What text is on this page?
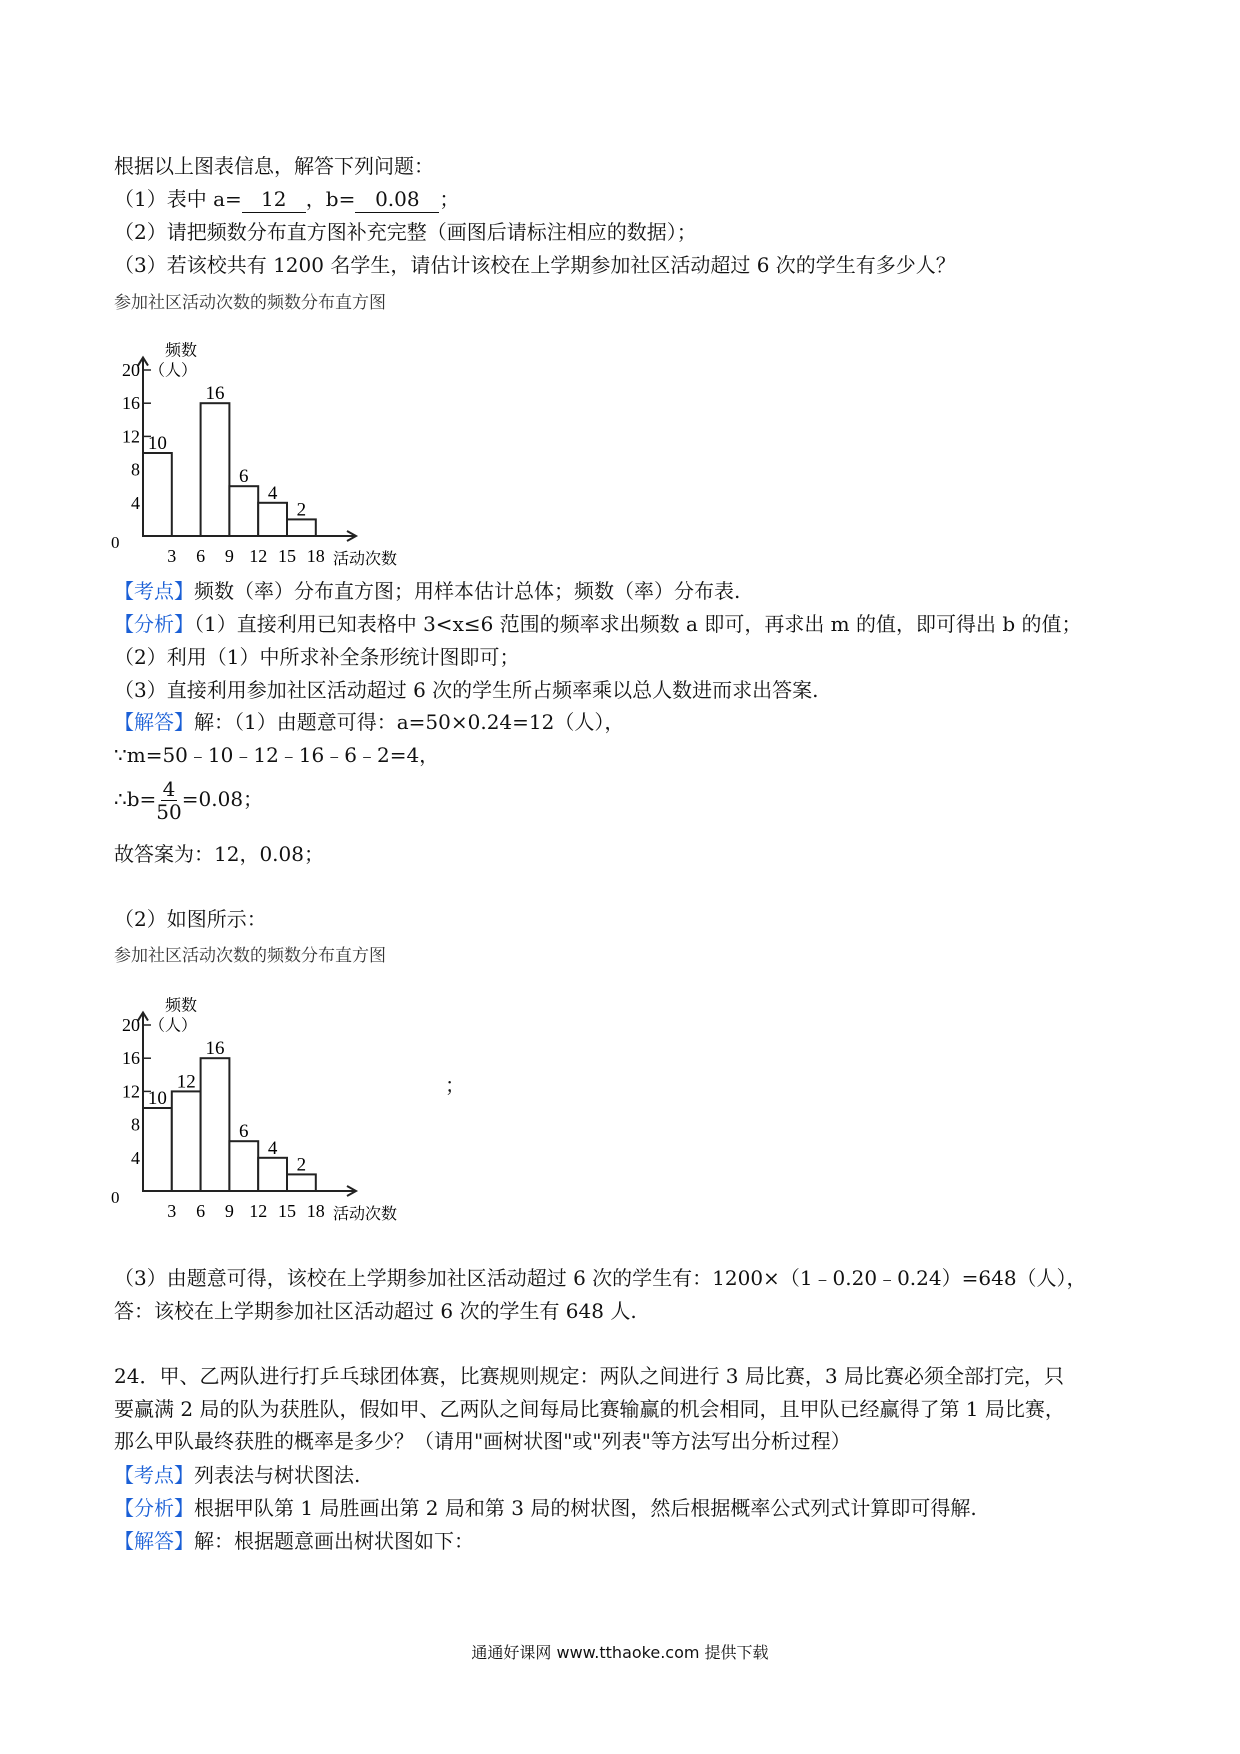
根据以上图表信息，解答下列问题：
（1）表中 a= 12 ，b= 0.08 ；
（2）请把频数分布直方图补充完整（画图后请标注相应的数据）；
（3）若该校共有 1200 名学生，请估计该校在上学期参加社区活动超过 6 次的学生有多少人？
参加社区活动次数的频数分布直方图
频数
（人）
活动次数
0
4
8
12
16
20
3 6 9 12 15 18
10
16
6
4
2
【考点】频数（率）分布直方图；用样本估计总体；频数（率）分布表.
【分析】（1）直接利用已知表格中 3<x≤6 范围的频率求出频数 a 即可，再求出 m 的值，即可得出 b 的值；
（2）利用（1）中所求补全条形统计图即可；
（3）直接利用参加社区活动超过 6 次的学生所占频率乘以总人数进而求出答案.
【解答】解：（1）由题意可得：a=50×0.24=12（人），
∵m=50﹣10﹣12﹣16﹣6﹣2=4，
∴b= $\frac{4}{50} =0.08$；
故答案为：12，0.08；
（2）如图所示：
参加社区活动次数的频数分布直方图
频数
（人）
活动次数
0
4
8
12
16
20
3 6 9 12 15 18
10
12
16
6
4
2
；
（3）由题意可得，该校在上学期参加社区活动超过 6 次的学生有：1200×（1﹣0.20﹣0.24）=648（人），
答：该校在上学期参加社区活动超过 6 次的学生有 648 人.
24．甲、乙两队进行打乒乓球团体赛，比赛规则规定：两队之间进行 3 局比赛，3 局比赛必须全部打完，只
要赢满 2 局的队为获胜队，假如甲、乙两队之间每局比赛输赢的机会相同，且甲队已经赢得了第 1 局比赛，
那么甲队最终获胜的概率是多少？（请用"画树状图"或"列表"等方法写出分析过程）
【考点】列表法与树状图法.
【分析】根据甲队第 1 局胜画出第 2 局和第 3 局的树状图，然后根据概率公式列式计算即可得解.
【解答】解：根据题意画出树状图如下：
通通好课网 www.tthaoke.com 提供下载
